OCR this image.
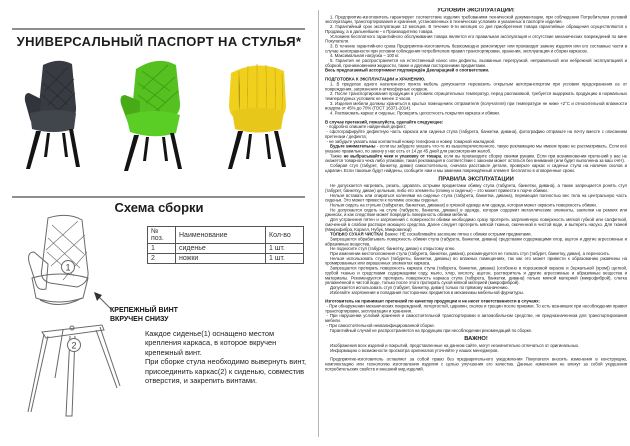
УНИВЕРСАЛЬНЫЙ ПАСПОРТ НА СТУЛЬЯ*
Схема сборки
1
2
№ поз.	Наименование	Кол-во
1	сиденье	1 шт.
2	ножки	1 шт.
КРЕПЕЖНЫЙ ВИНТ
ВКРУЧЕН СНИЗУ

Каждое сиденье(1) оснащено местом крепления каркаса, в которое вкручен крепежный винт.

При сборке стула необходимо вывернуть винт, присоединить каркас(2) к сиденью, совместив отверстия, и закрепить винтами.

УСЛОВИЯ ЭКСПЛУАТАЦИИ:

1. Предприятие-изготовитель гарантирует соответствие изделия требованиям технической документации, при соблюдении Потребителем условий эксплуатации, транспортирования и хранения, установленных в технических условиях и указанных в паспорте изделия.

2. Гарантийный срок эксплуатации 12 месяцев. В течение 6-ти месяцев со дня приобретения товара гарантийные обращения осуществляются к Продавцу, а в дальнейшем – к Производителю товара.

Условием бесплатного гарантийного обслуживания товара является его правильная эксплуатация и отсутствие механических повреждений по вине Покупателя.

3. В течение гарантийного срока Предприятие-изготовитель безвозмездно ремонтирует или производит замену изделия или его составные части в случае неисправности при условии соблюдения потребителем правил транспортировки, хранения, эксплуатации и сборки каркасов.

4. Максимальная нагрузка – 100 кг.

5. Гарантия не распространяется на естественный износ или дефекты, вызванные перегрузкой, неправильной или небрежной эксплуатацией и сборкой, проникновением жидкости, также и другими посторонними предметами.

Весь предлагаемый ассортимент подтверждён Декларацией о соответствии.

ПОДГОТОВКА К ЭКСПЛУАТАЦИИ и ХРАНЕНИЮ.

1. В пределах одного населенного пункта мебель допускается перевозить открытым автотранспортом при условии предохранения ее от повреждения, загрязнения и атмосферных осадков.

2. После транспортирования продукции в условиях отрицательных температур, перед распаковкой, требуется выдержать продукцию в нормальных температурных условиях не менее 2 часов.

3. Изделия мебели должны храниться в крытых помещениях отправителя (получателя) при температуре не ниже +2°С и относительной влажности воздуха от 45% до 70% (ГОСТ 16371-2014).

4. Распаковать каркас и сиденье. Проверить целостность покрытия каркаса и обивки.

В случае претензий, пожалуйста, сделайте следующее:

- подробно опишите найденный дефект;

- сфотографируйте дефектную часть каркаса или сиденья стула (табурета, банкетки, дивана), фотографию отправьте на почту вместе с описанием претензии / дефекта;

- не забудьте указать ваш контактный номер телефона и номер товарной накладной.

Будьте внимательны - если вы забудете указать что-то из вышеперечисленного, такую рекламацию мы имеем право не рассматривать. Если всё указано правильно, по закону у нас есть от 14 до 45 дней для рассмотрения жалоб.

Также не выбрасывайте чеки и упаковку от товара, если вы производите сборку своими руками. Если при возникновении претензий у вас не окажется товарного чека либо упаковки, такая рекламация в соответствии с законом может остаться без внимания (или будет выполнена за ваш счёт).

Собирая стул (табурет, банкетку, диван) самостоятельно, сначала расставьте детали, проверьте каркас и сиденье стула на наличие сколов и царапин. Если таковые будут найдены, сообщите нам и мы заменим повреждённый элемент бесплатно в оговоренные сроки.

ПРАВИЛА ЭКСПЛУАТАЦИИ

Не допускается нагревать, резать, царапать острыми предметами обивку стула (табурета, банкетки, дивана), а также запрещается ронять стул (табурет, банкетку, диван) цельным, либо его элементы (спинку и сиденье) – это может привести к порче обивки.

Нельзя вставать или опираться коленями на сиденье стула (табурета, банкетки, дивана), перемещая полностью вес тела на центральную часть сиденья. Это может привести к поломке основы сиденья.

Нельзя сидеть на стульях (табуретах, банкетках, диванах) в грязной одежде или одежде, которая может окрасить поверхность обивки.

Не допускается сидеть на стуле (табурете, банкетке, диване) в одежде, которая содержит металлические элементы, заклепки на ремнях или джинсах, и как следствие может повредить поверхность обивки мебели.

Для устранения пятен и загрязнений с поверхности обивки необходимо сразу протереть загрязнённую поверхность мягкой губкой или салфеткой, смоченной в слабом растворе моющего средства. Далее следует протереть мягкой тканью, смоченной в чистой воде, и вытереть насухо. Для тканей (Микрофибра, Коралл, Нубук, Микровелюр)

ТОЛЬКО СУХАЯ ЧИСТКА! Важно: НЕ соскабливайте засохшие пятна с обивки острыми предметами.

Запрещается обрабатывать поверхность обивки стула (табурета, банкетки, дивана) средствами содержащими хлор, ацетон и другие агрессивные и абразивные вещества.

Не подносите стул (табурет, банкетку, диван) к открытому огню.

При изменении местоположения стула (табурета, банкетки, дивана), рекомендуется не толкать стул (табурет, банкетку, диван), а переносить.

Нельзя использовать стулья (табуреты, банкетки, диваны) во влажных помещениях, так как это может привести к образованию ржавчины на хромированных или окрашенных элементах каркаса.

Запрещается протирать поверхность каркаса стула (табурета, банкетки, дивана) (особенно в порошковой окраске и Зеркальной (хром)) щеткой, грубой тканью и средствами содержащими соду, мыло, хлор, кислоту, ацетон, растворитель и другие агрессивные и абразивные вещества и материалы. Рекомендуется протирать поверхность каркаса стула (табурета, банкетки, дивана) только мягкой материей (микрофиброй), слегка увлажнённой в чистой воде, только после этого протирать сухой мягкой материей (микрофиброй).

Допускается использовать стул (табурет, банкетку, диван) только по прямому назначению.

Избегайте загрязнения и попадания посторонних предметов в механизмы мебельной фурнитуры.

Изготовитель не принимает претензий по качеству продукции и не несет ответственности в случаях:

- При обнаружении механических повреждений, потертостей, царапин, сколов и трещин после приемки. То есть возникших при несоблюдении правил транспортировки, эксплуатации и хранения.

- При нарушении условий хранения и самостоятельной транспортировки в автомобильном средстве, не предназначенном для транспортирования мебели.

- При самостоятельной неквалифицированной сборке.

Гарантийный случай не распространяется на продукцию при несоблюдении рекомендаций по сборке.

ВАЖНО!

Изображения всех изделий и покрытий, представленные на данном сайте, могут незначительно отличаться от оригинальных.

Информацию о возможности просмотра оригиналов уточняйте у наших менеджеров.

Предприятие-изготовитель оставляет за собой право без предварительного уведомления Покупателя вносить изменения в конструкцию, комплектацию или технологию изготовления изделия с целью улучшения его качества. Данные изменения не влекут за собой ухудшения потребительских свойств и внешний вид изделий.
